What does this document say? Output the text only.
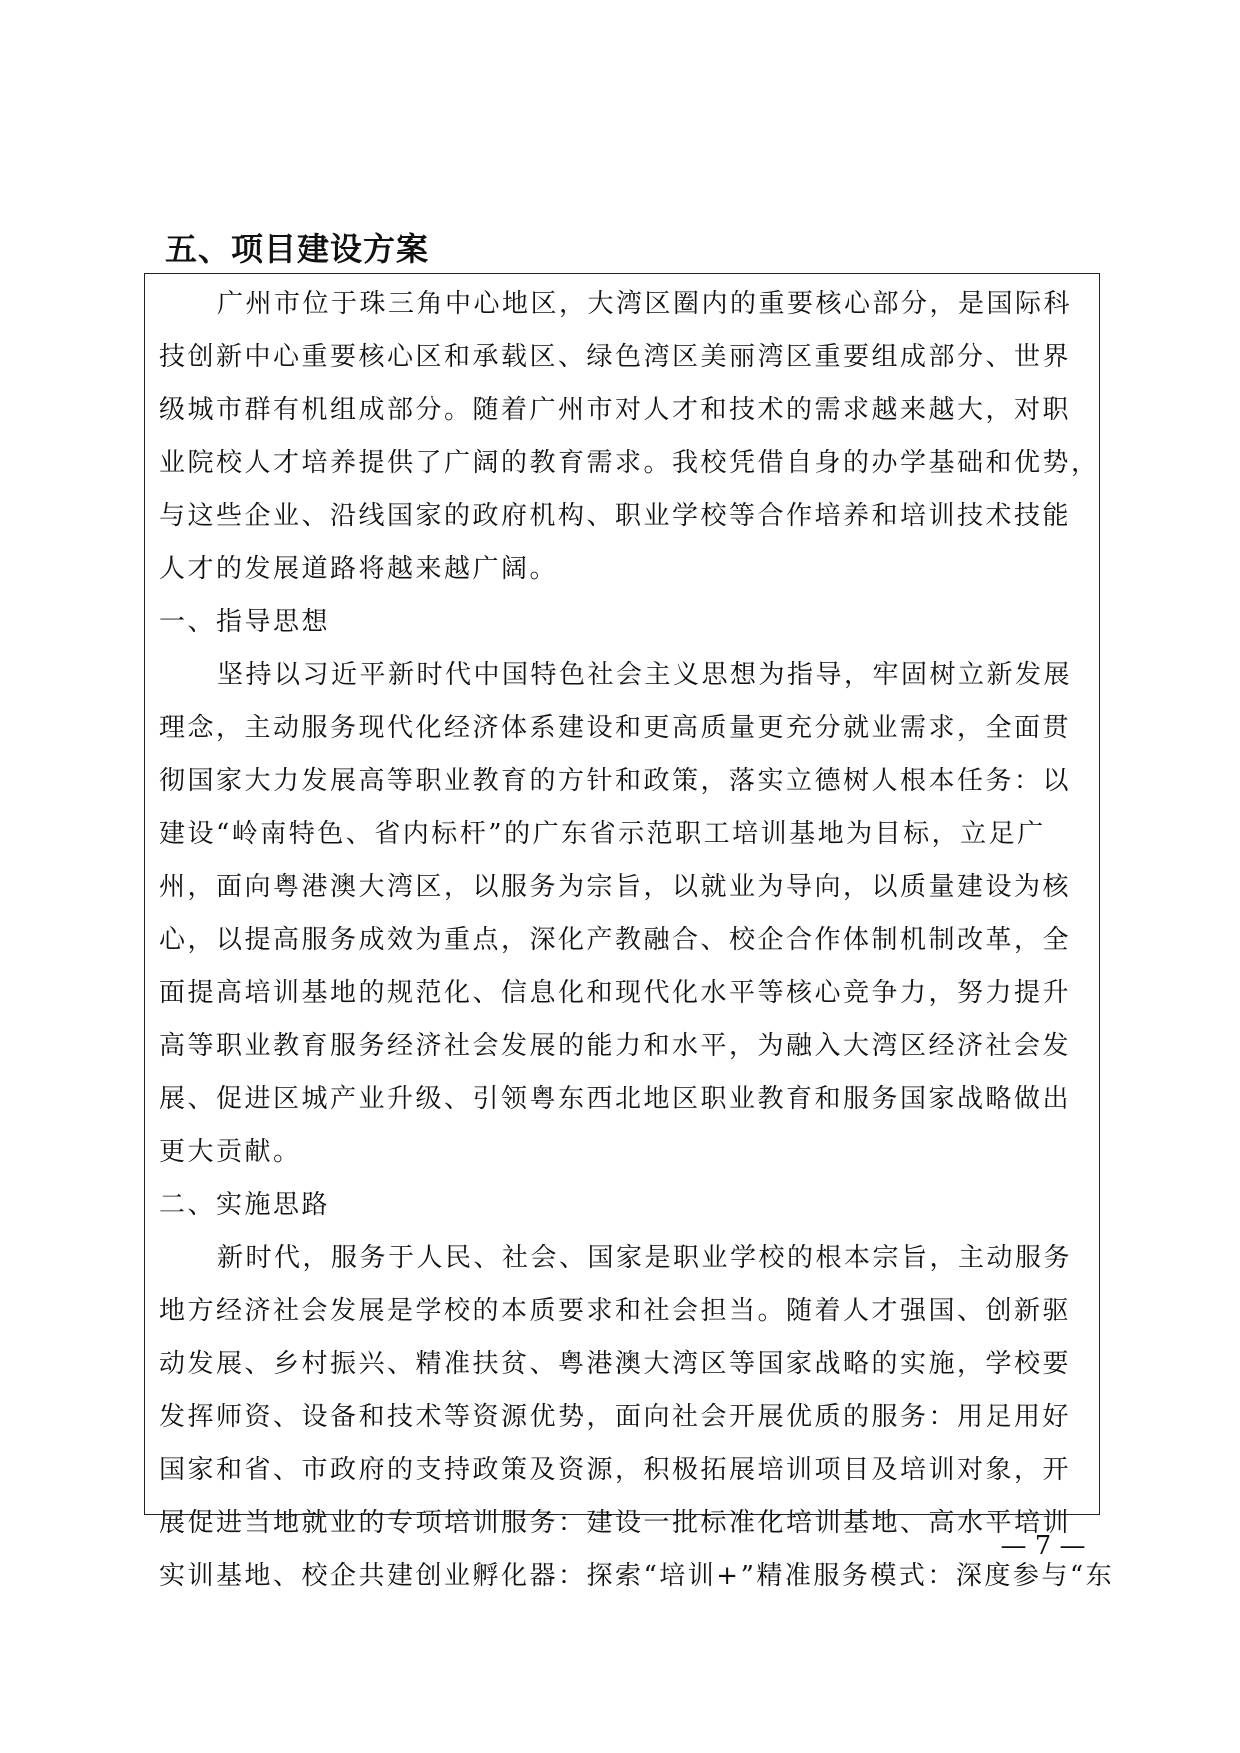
五、项目建设方案
广州市位于珠三角中心地区，大湾区圈内的重要核心部分，是国际科
技创新中心重要核心区和承载区、绿色湾区美丽湾区重要组成部分、世界
级城市群有机组成部分。随着广州市对人才和技术的需求越来越大，对职
业院校人才培养提供了广阔的教育需求。我校凭借自身的办学基础和优势，
与这些企业、沿线国家的政府机构、职业学校等合作培养和培训技术技能
人才的发展道路将越来越广阔。
一、指导思想
坚持以习近平新时代中国特色社会主义思想为指导，牢固树立新发展
理念，主动服务现代化经济体系建设和更高质量更充分就业需求，全面贯
彻国家大力发展高等职业教育的方针和政策，落实立德树人根本任务：以
建设“岭南特色、省内标杆”的广东省示范职工培训基地为目标，立足广
州，面向粤港澳大湾区，以服务为宗旨，以就业为导向，以质量建设为核
心，以提高服务成效为重点，深化产教融合、校企合作体制机制改革，全
面提高培训基地的规范化、信息化和现代化水平等核心竞争力，努力提升
高等职业教育服务经济社会发展的能力和水平，为融入大湾区经济社会发
展、促进区城产业升级、引领粤东西北地区职业教育和服务国家战略做出
更大贡献。
二、实施思路
新时代，服务于人民、社会、国家是职业学校的根本宗旨，主动服务
地方经济社会发展是学校的本质要求和社会担当。随着人才强国、创新驱
动发展、乡村振兴、精准扶贫、粤港澳大湾区等国家战略的实施，学校要
发挥师资、设备和技术等资源优势，面向社会开展优质的服务：用足用好
国家和省、市政府的支持政策及资源，积极拓展培训项目及培训对象，开
展促进当地就业的专项培训服务：建设一批标准化培训基地、高水平培训
实训基地、校企共建创业孵化器：探索“培训+”精准服务模式：深度参与“东
— 7 —
